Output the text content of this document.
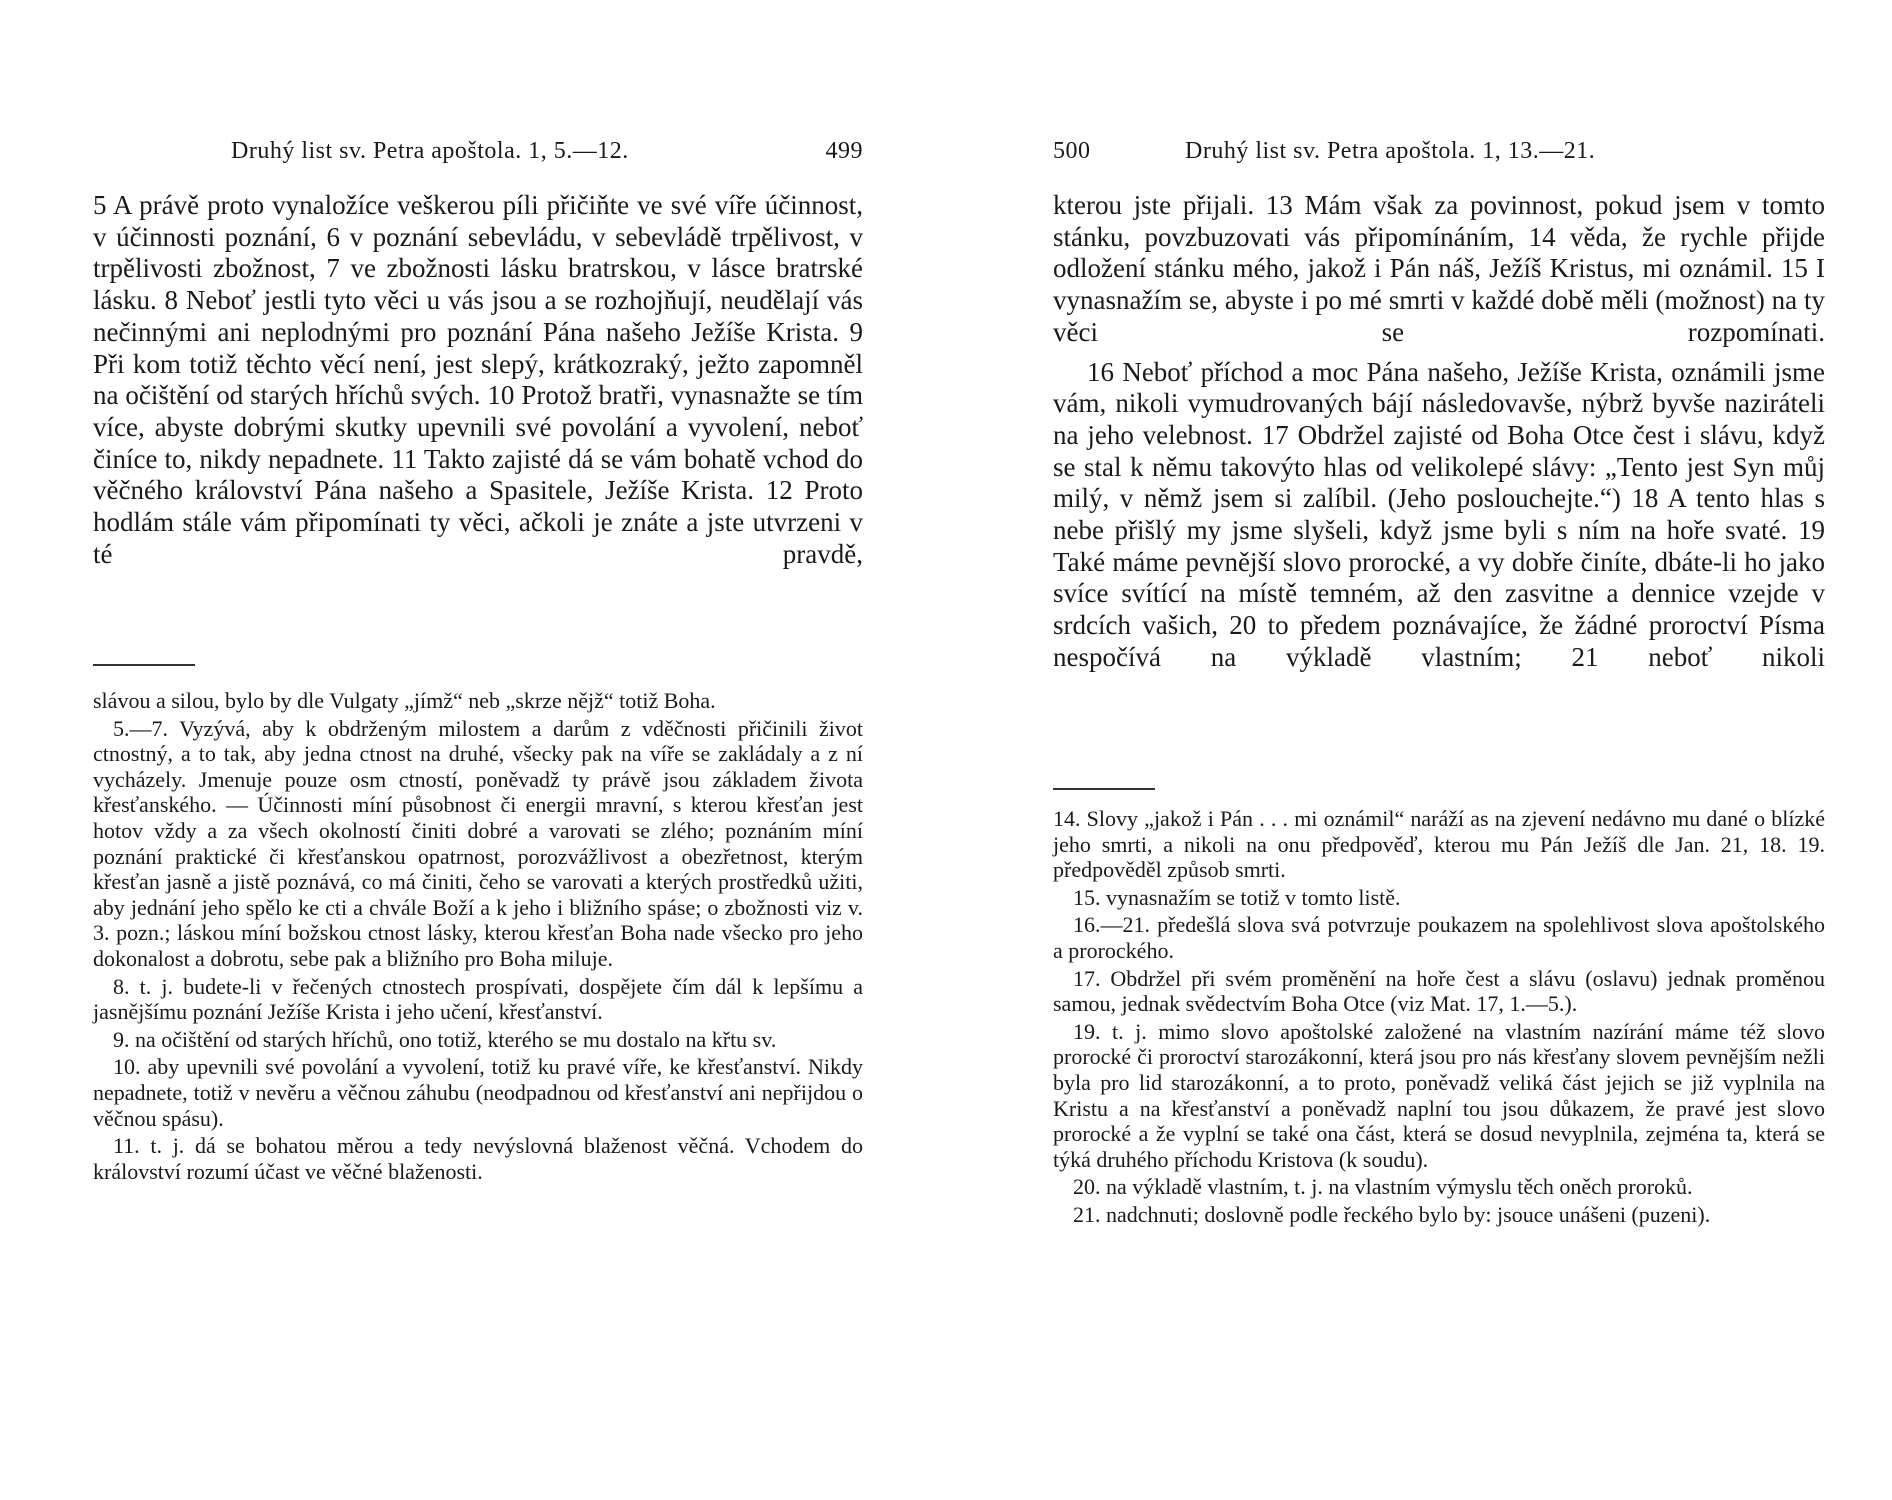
Druhý list sv. Petra apoštola. 1, 5.—12.	499

5 A právě proto vynaložíce veškerou píli přičiňte ve své víře účinnost, v účinnosti poznání, 6 v poznání sebevládu, v sebevládě trpělivost, v trpělivosti zbožnost, 7 ve zbožnosti lásku bratrskou, v lásce bratrské lásku. 8 Neboť jestli tyto věci u vás jsou a se rozhojňují, neudělají vás nečinnými ani neplodnými pro poznání Pána našeho Ježíše Krista. 9 Při kom totiž těchto věcí není, jest slepý, krátkozraký, ježto zapomněl na očištění od starých hříchů svých. 10 Protož bratři, vynasnažte se tím více, abyste dobrými skutky upevnili své povolání a vyvolení, neboť činíce to, nikdy nepadnete. 11 Takto zajisté dá se vám bohatě vchod do věčného království Pána našeho a Spasitele, Ježíše Krista. 12 Proto hodlám stále vám připomínati ty věci, ačkoli je znáte a jste utvrzeni v té pravdě,

slávou a silou, bylo by dle Vulgaty „jímž“ neb „skrze nějž“ totiž Boha.

5.—7. Vyzývá, aby k obdrženým milostem a darům z vděčnosti přičinili život ctnostný, a to tak, aby jedna ctnost na druhé, všecky pak na víře se zakládaly a z ní vycházely. Jmenuje pouze osm ctností, poněvadž ty právě jsou základem života křesťanského. — Účinnosti míní působnost či energii mravní, s kterou křesťan jest hotov vždy a za všech okolností činiti dobré a varovati se zlého; poznáním míní poznání praktické či křesťanskou opatrnost, porozvážlivost a obezřetnost, kterým křesťan jasně a jistě poznává, co má činiti, čeho se varovati a kterých prostředků užiti, aby jednání jeho spělo ke cti a chvále Boží a k jeho i bližního spáse; o zbožnosti viz v. 3. pozn.; láskou míní božskou ctnost lásky, kterou křesťan Boha nade všecko pro jeho dokonalost a dobrotu, sebe pak a bližního pro Boha miluje.

8. t. j. budete-li v řečených ctnostech prospívati, dospějete čím dál k lepšímu a jasnějšímu poznání Ježíše Krista i jeho učení, křesťanství.

9. na očištění od starých hříchů, ono totiž, kterého se mu dostalo na křtu sv.

10. aby upevnili své povolání a vyvolení, totiž ku pravé víře, ke křesťanství. Nikdy nepadnete, totiž v nevěru a věčnou záhubu (neodpadnou od křesťanství ani nepřijdou o věčnou spásu).

11. t. j. dá se bohatou měrou a tedy nevýslovná blaženost věčná. Vchodem do království rozumí účast ve věčné blaženosti.

500	Druhý list sv. Petra apoštola. 1, 13.—21.

kterou jste přijali. 13 Mám však za povinnost, pokud jsem v tomto stánku, povzbuzovati vás připomínáním, 14 věda, že rychle přijde odložení stánku mého, jakož i Pán náš, Ježíš Kristus, mi oznámil. 15 I vynasnažím se, abyste i po mé smrti v každé době měli (možnost) na ty věci se rozpomínati.

16 Neboť příchod a moc Pána našeho, Ježíše Krista, oznámili jsme vám, nikoli vymudrovaných bájí následovavše, nýbrž byvše naziráteli na jeho velebnost. 17 Obdržel zajisté od Boha Otce čest i slávu, když se stal k němu takovýto hlas od velikolepé slávy: „Tento jest Syn můj milý, v němž jsem si zalíbil. (Jeho poslouchejte.“) 18 A tento hlas s nebe přišlý my jsme slyšeli, když jsme byli s ním na hoře svaté. 19 Také máme pevnější slovo prorocké, a vy dobře činíte, dbáte-li ho jako svíce svítící na místě temném, až den zasvitne a dennice vzejde v srdcích vašich, 20 to předem poznávajíce, že žádné proroctví Písma nespočívá na výkladě vlastním; 21 neboť nikoli

14. Slovy „jakož i Pán . . . mi oznámil“ naráží as na zjevení nedávno mu dané o blízké jeho smrti, a nikoli na onu předpověď, kterou mu Pán Ježíš dle Jan. 21, 18. 19. předpověděl způsob smrti.

15. vynasnažím se totiž v tomto listě.

16.—21. předešlá slova svá potvrzuje poukazem na spolehlivost slova apoštolského a prorockého.

17. Obdržel při svém proměnění na hoře čest a slávu (oslavu) jednak proměnou samou, jednak svědectvím Boha Otce (viz Mat. 17, 1.—5.).

19. t. j. mimo slovo apoštolské založené na vlastním nazírání máme též slovo prorocké či proroctví starozákonní, která jsou pro nás křesťany slovem pevnějším nežli byla pro lid starozákonní, a to proto, poněvadž veliká část jejich se již vyplnila na Kristu a na křesťanství a poněvadž naplní tou jsou důkazem, že pravé jest slovo prorocké a že vyplní se také ona část, která se dosud nevyplnila, zejména ta, která se týká druhého příchodu Kristova (k soudu).

20. na výkladě vlastním, t. j. na vlastním výmyslu těch oněch proroků.

21. nadchnuti; doslovně podle řeckého bylo by: jsouce unášeni (puzeni).
